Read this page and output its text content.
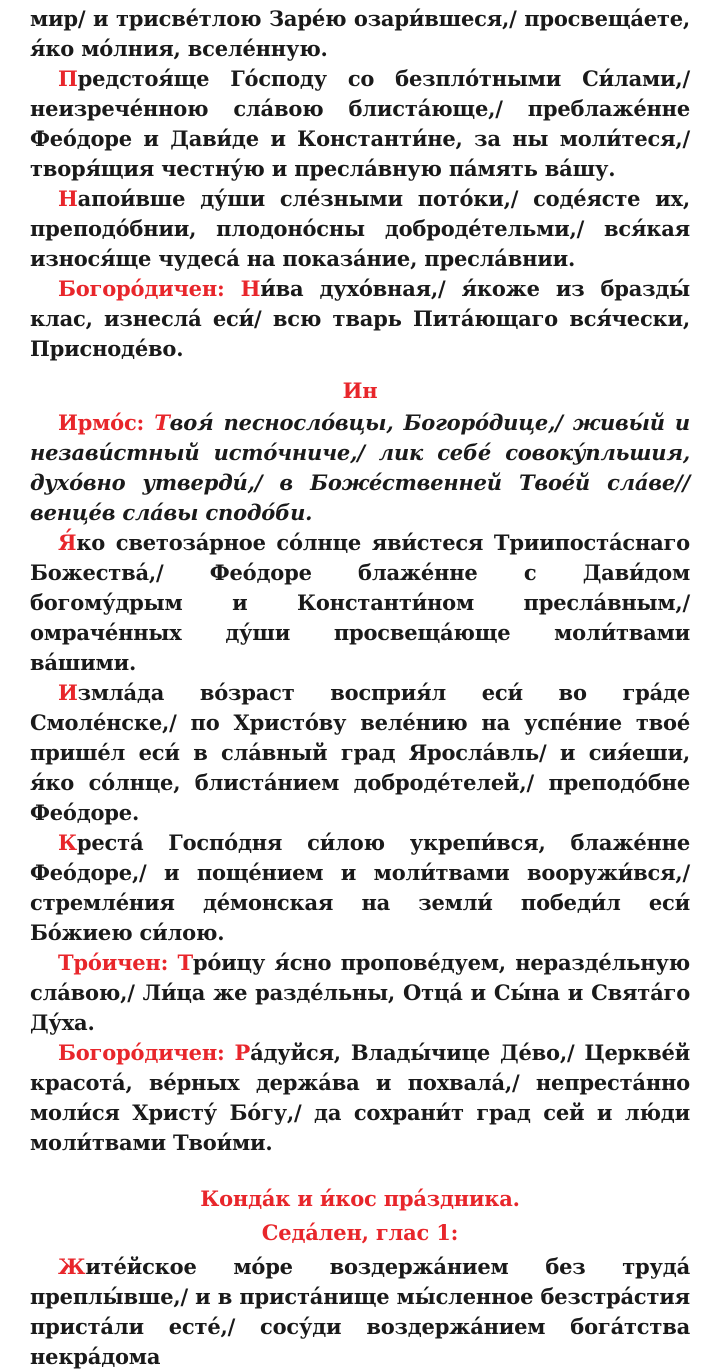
мир/ и трисве́тлою Заре́ю озари́вшеся,/ просвеща́ете, я́ко мо́лния, вселе́нную.

Предстоя́ще Го́споду со безпло́тными Си́лами,/ неизрече́нною сла́вою блиста́юще,/ преблаже́нне Фео́доре и Дави́де и Константи́не, за ны моли́теся,/ творя́щия честну́ю и пресла́вную па́мять ва́шу.

Напои́вше ду́ши сле́зными пото́ки,/ соде́ясте их, преподо́бнии, плодоно́сны доброде́тельми,/ вся́кая износя́ще чудеса́ на показа́ние, пресла́внии.

Богоро́дичен: Ни́ва духо́вная,/ я́коже из бразды́ клас, изнесла́ еси́/ всю тварь Пита́ющаго вся́чески, Присноде́во.

Ин

Ирмо́с: Твоя́ песносло́вцы, Богоро́дице,/ живы́й и незави́стный исто́чниче,/ лик себе́ совоку́пльшия, духо́вно утверди́,/ в Боже́ственней Твое́й сла́ве// венце́в сла́вы сподо́би.

Я́ко светоза́рное со́лнце яви́стеся Триипоста́снаго Божества́,/ Фео́доре блаже́нне с Дави́дом богому́дрым и Константи́ном пресла́вным,/ омраче́нных ду́ши просвеща́юще моли́твами ва́шими.

Измла́да во́зраст восприя́л еси́ во гра́де Смоле́нске,/ по Христо́ву веле́нию на успе́ние твое́ пришéл еси́ в сла́вный град Яросла́вль/ и сия́еши, я́ко со́лнце, блиста́нием доброде́телей,/ преподо́бне Фео́доре.

Креста́ Госпо́дня си́лою укрепи́вся, блаже́нне Фео́доре,/ и поще́нием и моли́твами вооружи́вся,/ стремле́ния де́монская на земли́ победи́л еси́ Бо́жиею си́лою.

Тро́ичен: Тро́ицу я́сно пропове́дуем, нераздéльную сла́вою,/ Ли́ца же раздéльны, Отца́ и Сы́на и Свята́го Ду́ха.

Богоро́дичен: Ра́дуйся, Влады́чице Де́во,/ Церкве́й красота́, ве́рных держа́ва и похвала́,/ непреста́нно моли́ся Христу́ Бо́гу,/ да сохрани́т град сей и лю́ди моли́твами Твои́ми.

Конда́к и и́кос пра́здника.

Седа́лен, глас 1:

Жите́йское мо́ре воздержа́нием без труда́ преплы́вше,/ и в приста́нище мы́сленное безстра́стия приста́ли есте́,/ сосу́ди воздержа́нием бога́тства некра́дома
